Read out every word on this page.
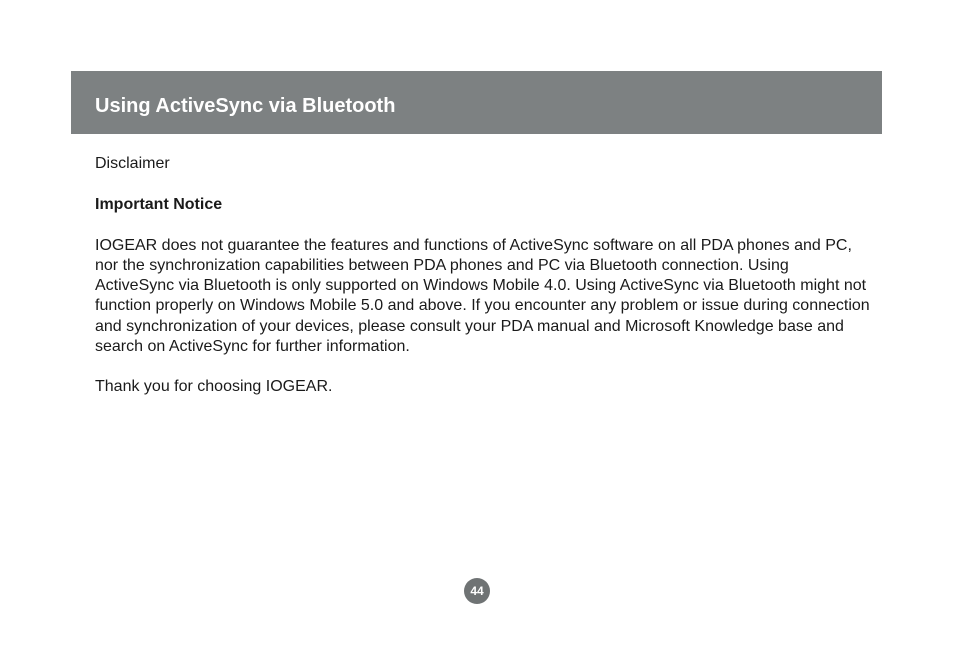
Using ActiveSync via Bluetooth

Disclaimer

Important Notice

IOGEAR does not guarantee the features and functions of ActiveSync software on all PDA phones and PC, nor the synchronization capabilities between PDA phones and PC via Bluetooth connection. Using ActiveSync via Bluetooth is only supported on Windows Mobile 4.0. Using ActiveSync via Bluetooth might not function properly on Windows Mobile 5.0 and above. If you encounter any problem or issue during connection and synchronization of your devices, please consult your PDA manual and Microsoft Knowledge base and search on ActiveSync for further information.

Thank you for choosing IOGEAR.

44
